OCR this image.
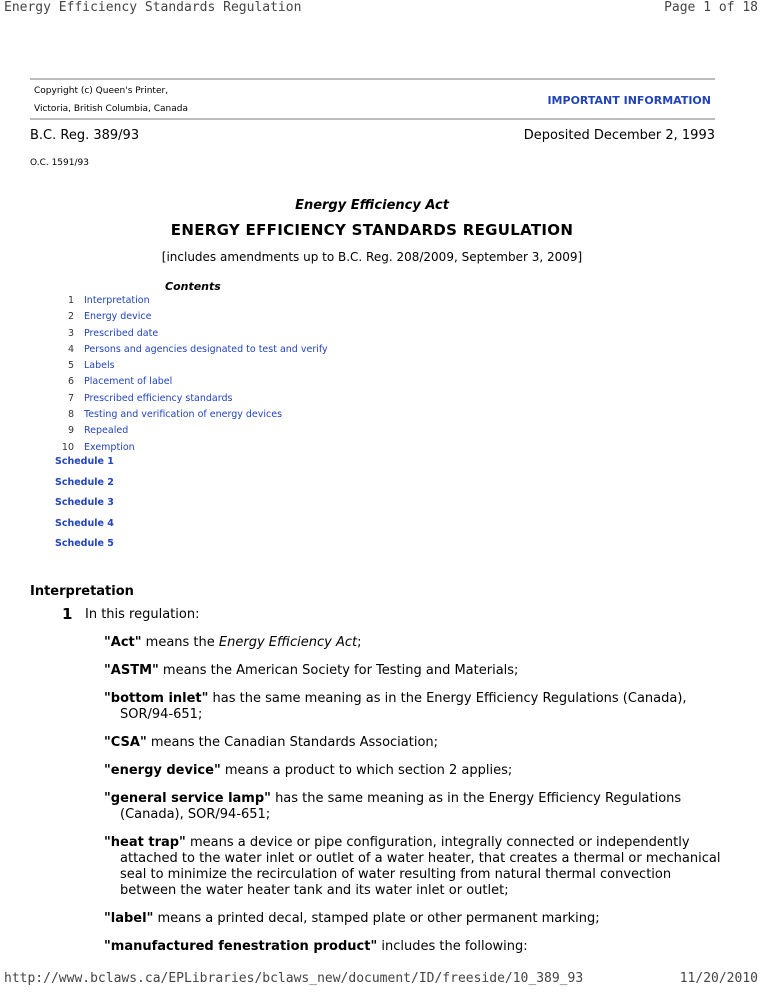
Energy Efficiency Standards Regulation	Page 1 of 18
Copyright (c) Queen's Printer,
Victoria, British Columbia, Canada
IMPORTANT INFORMATION
B.C. Reg. 389/93	Deposited December 2, 1993
O.C. 1591/93
Energy Efficiency Act
ENERGY EFFICIENCY STANDARDS REGULATION
[includes amendments up to B.C. Reg. 208/2009, September 3, 2009]
Contents
1 Interpretation
2 Energy device
3 Prescribed date
4 Persons and agencies designated to test and verify
5 Labels
6 Placement of label
7 Prescribed efficiency standards
8 Testing and verification of energy devices
9 Repealed
10 Exemption
Schedule 1
Schedule 2
Schedule 3
Schedule 4
Schedule 5
Interpretation
1 In this regulation:
"Act" means the Energy Efficiency Act;
"ASTM" means the American Society for Testing and Materials;
"bottom inlet" has the same meaning as in the Energy Efficiency Regulations (Canada), SOR/94-651;
"CSA" means the Canadian Standards Association;
"energy device" means a product to which section 2 applies;
"general service lamp" has the same meaning as in the Energy Efficiency Regulations (Canada), SOR/94-651;
"heat trap" means a device or pipe configuration, integrally connected or independently attached to the water inlet or outlet of a water heater, that creates a thermal or mechanical seal to minimize the recirculation of water resulting from natural thermal convection between the water heater tank and its water inlet or outlet;
"label" means a printed decal, stamped plate or other permanent marking;
"manufactured fenestration product" includes the following:
http://www.bclaws.ca/EPLibraries/bclaws_new/document/ID/freeside/10_389_93	11/20/2010
